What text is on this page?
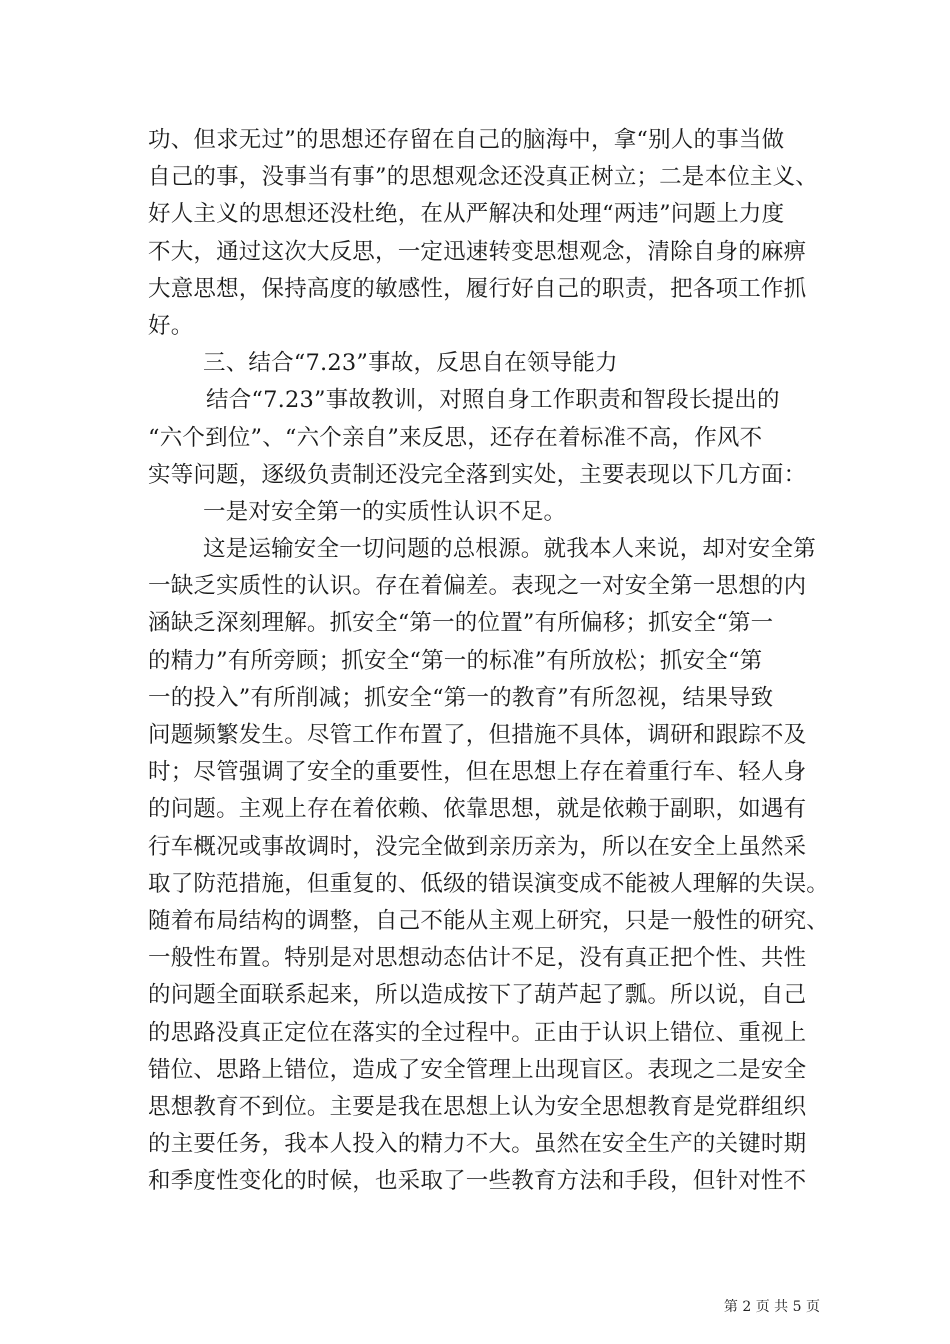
功、但求无过”的思想还存留在自己的脑海中，拿“别人的事当做
自己的事，没事当有事”的思想观念还没真正树立；二是本位主义、
好人主义的思想还没杜绝，在从严解决和处理“两违”问题上力度
不大，通过这次大反思，一定迅速转变思想观念，清除自身的麻痹
大意思想，保持高度的敏感性，履行好自己的职责，把各项工作抓
好。
三、结合“7.23”事故，反思自在领导能力
结合“7.23”事故教训，对照自身工作职责和智段长提出的
“六个到位”、“六个亲自”来反思，还存在着标准不高，作风不
实等问题，逐级负责制还没完全落到实处，主要表现以下几方面：
一是对安全第一的实质性认识不足。
这是运输安全一切问题的总根源。就我本人来说，却对安全第
一缺乏实质性的认识。存在着偏差。表现之一对安全第一思想的内
涵缺乏深刻理解。抓安全“第一的位置”有所偏移；抓安全“第一
的精力”有所旁顾；抓安全“第一的标准”有所放松；抓安全“第
一的投入”有所削减；抓安全“第一的教育”有所忽视，结果导致
问题频繁发生。尽管工作布置了，但措施不具体，调研和跟踪不及
时；尽管强调了安全的重要性，但在思想上存在着重行车、轻人身
的问题。主观上存在着依赖、依靠思想，就是依赖于副职，如遇有
行车概况或事故调时，没完全做到亲历亲为，所以在安全上虽然采
取了防范措施，但重复的、低级的错误演变成不能被人理解的失误。
随着布局结构的调整，自己不能从主观上研究，只是一般性的研究、
一般性布置。特别是对思想动态估计不足，没有真正把个性、共性
的问题全面联系起来，所以造成按下了葫芦起了瓢。所以说，自己
的思路没真正定位在落实的全过程中。正由于认识上错位、重视上
错位、思路上错位，造成了安全管理上出现盲区。表现之二是安全
思想教育不到位。主要是我在思想上认为安全思想教育是党群组织
的主要任务，我本人投入的精力不大。虽然在安全生产的关键时期
和季度性变化的时候，也采取了一些教育方法和手段，但针对性不
第 2 页 共 5 页
